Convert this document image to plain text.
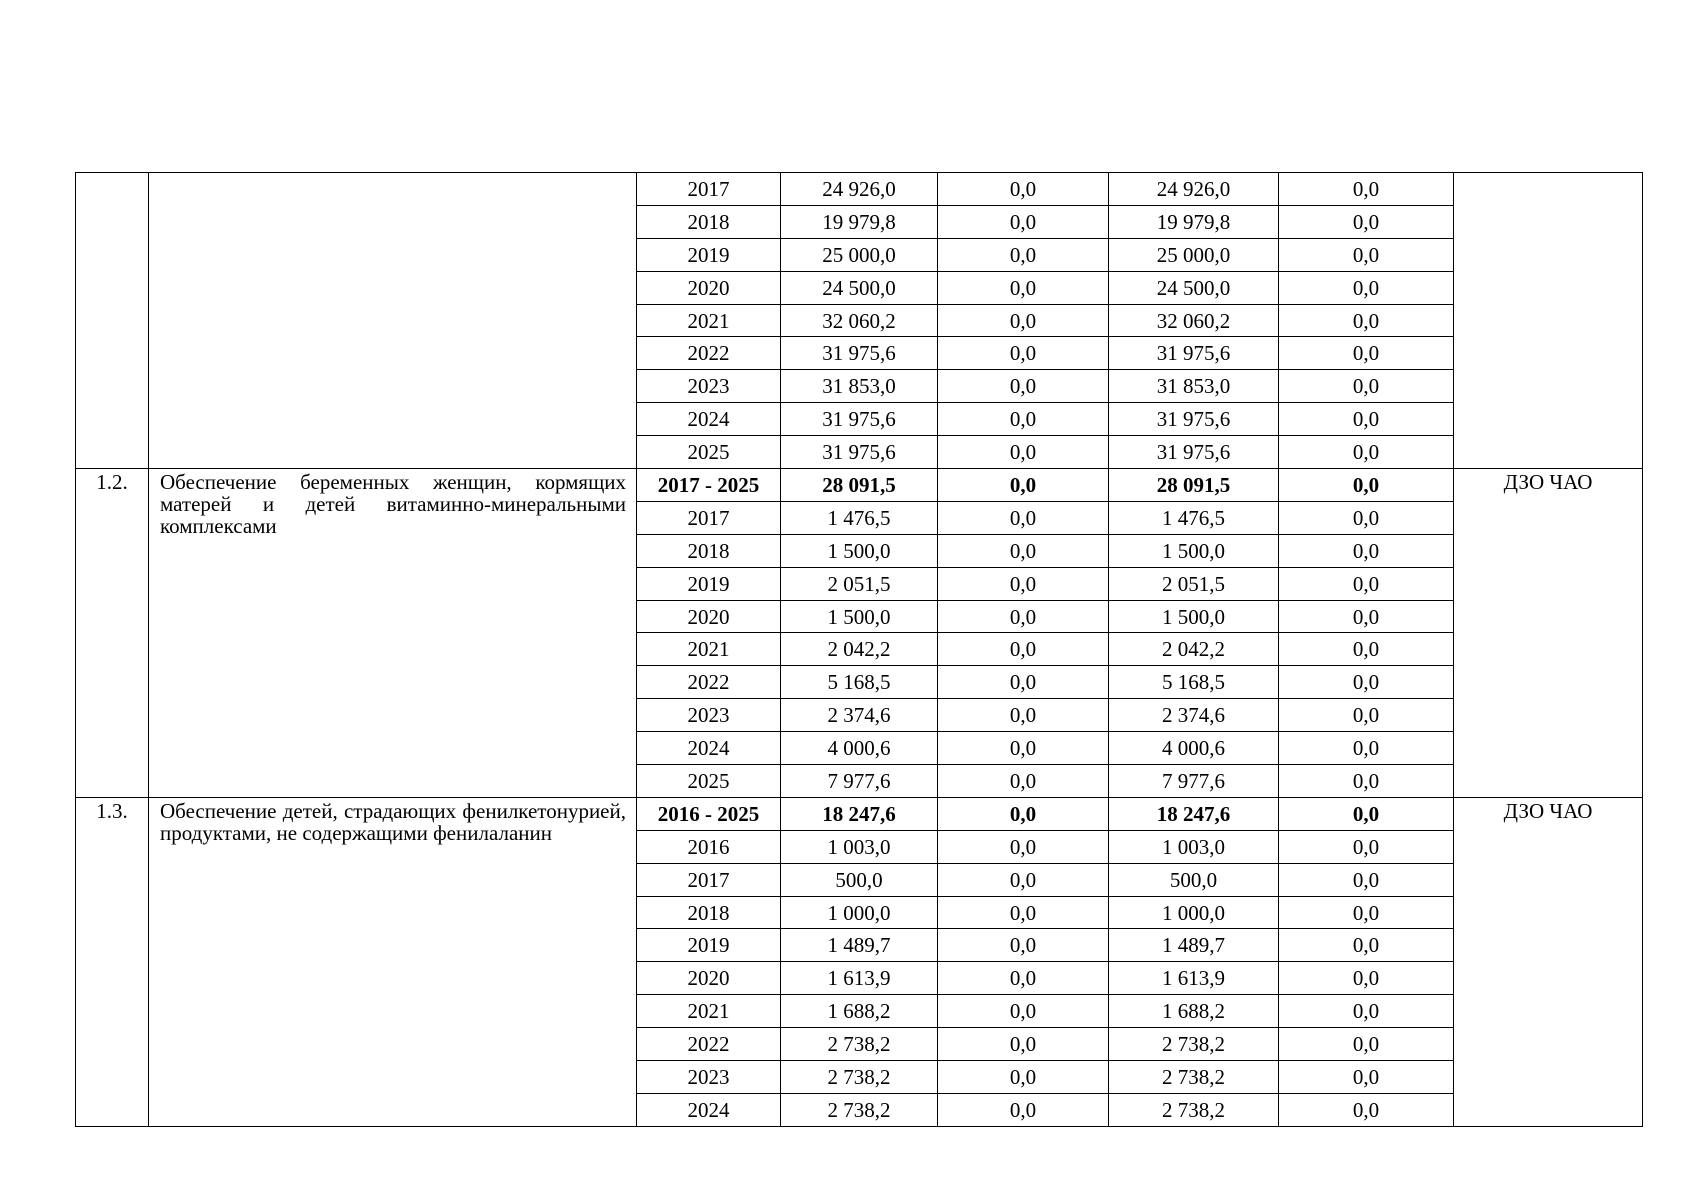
		2017	24 926,0	0,0	24 926,0	0,0	
		2018	19 979,8	0,0	19 979,8	0,0	
		2019	25 000,0	0,0	25 000,0	0,0	
		2020	24 500,0	0,0	24 500,0	0,0	
		2021	32 060,2	0,0	32 060,2	0,0	
		2022	31 975,6	0,0	31 975,6	0,0	
		2023	31 853,0	0,0	31 853,0	0,0	
		2024	31 975,6	0,0	31 975,6	0,0	
		2025	31 975,6	0,0	31 975,6	0,0	
1.2.	Обеспечение беременных женщин, кормящих матерей и детей витаминно-минеральными комплексами	2017 - 2025	28 091,5	0,0	28 091,5	0,0	ДЗО ЧАО
		2017	1 476,5	0,0	1 476,5	0,0	
		2018	1 500,0	0,0	1 500,0	0,0	
		2019	2 051,5	0,0	2 051,5	0,0	
		2020	1 500,0	0,0	1 500,0	0,0	
		2021	2 042,2	0,0	2 042,2	0,0	
		2022	5 168,5	0,0	5 168,5	0,0	
		2023	2 374,6	0,0	2 374,6	0,0	
		2024	4 000,6	0,0	4 000,6	0,0	
		2025	7 977,6	0,0	7 977,6	0,0	
1.3.	Обеспечение детей, страдающих фенилкетонурией, продуктами, не содержащими фенилаланин	2016 - 2025	18 247,6	0,0	18 247,6	0,0	ДЗО ЧАО
		2016	1 003,0	0,0	1 003,0	0,0	
		2017	500,0	0,0	500,0	0,0	
		2018	1 000,0	0,0	1 000,0	0,0	
		2019	1 489,7	0,0	1 489,7	0,0	
		2020	1 613,9	0,0	1 613,9	0,0	
		2021	1 688,2	0,0	1 688,2	0,0	
		2022	2 738,2	0,0	2 738,2	0,0	
		2023	2 738,2	0,0	2 738,2	0,0	
		2024	2 738,2	0,0	2 738,2	0,0	
